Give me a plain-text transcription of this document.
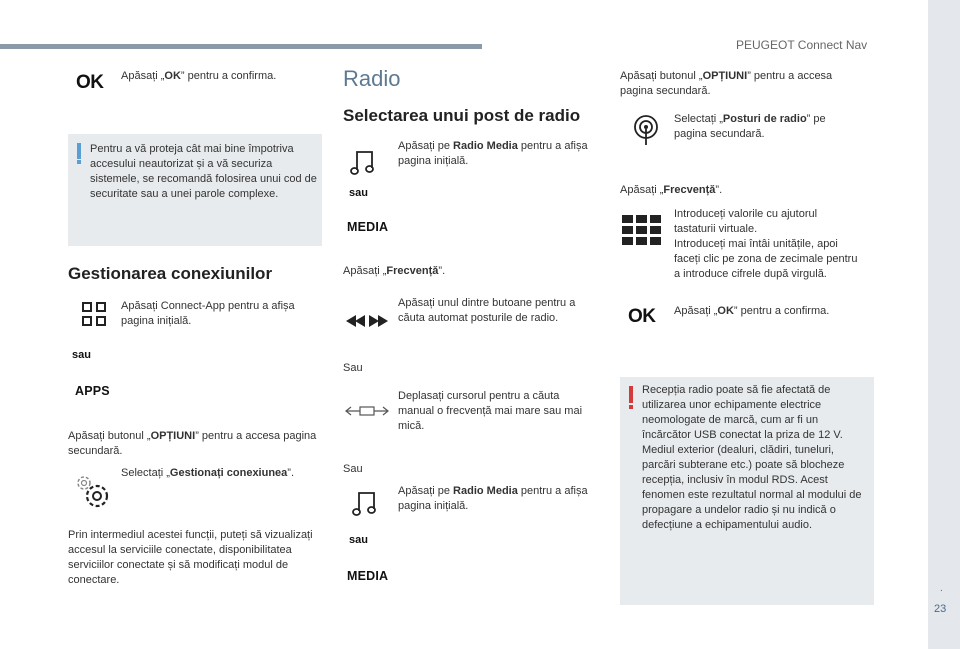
PEUGEOT Connect Nav
.
23
OK Apăsați „OK” pentru a confirma.
Pentru a vă proteja cât mai bine împotriva accesului neautorizat și a vă securiza sistemele, se recomandă folosirea unui cod de securitate sau a unei parole complexe.
Gestionarea conexiunilor
Apăsați Connect-App pentru a afișa pagina inițială.
sau
APPS
Apăsați butonul „OPȚIUNI” pentru a accesa pagina secundară.
Selectați „Gestionați conexiunea”.
Prin intermediul acestei funcții, puteți să vizualizați accesul la serviciile conectate, disponibilitatea serviciilor conectate și să modificați modul de conectare.
Radio
Selectarea unui post de radio
Apăsați pe Radio Media pentru a afișa pagina inițială.
sau
MEDIA
Apăsați „Frecvență”.
Apăsați unul dintre butoane pentru a căuta automat posturile de radio.
Sau
Deplasați cursorul pentru a căuta manual o frecvență mai mare sau mai mică.
Sau
Apăsați pe Radio Media pentru a afișa pagina inițială.
sau
MEDIA
Apăsați butonul „OPȚIUNI” pentru a accesa pagina secundară.
Selectați „Posturi de radio” pe pagina secundară.
Apăsați „Frecvență”.
Introduceți valorile cu ajutorul tastaturii virtuale.
Introduceți mai întâi unitățile, apoi faceți clic pe zona de zecimale pentru a introduce cifrele după virgulă.
OK Apăsați „OK” pentru a confirma.
Recepția radio poate să fie afectată de utilizarea unor echipamente electrice neomologate de marcă, cum ar fi un încărcător USB conectat la priza de 12 V. Mediul exterior (dealuri, clădiri, tuneluri, parcări subterane etc.) poate să blocheze recepția, inclusiv în modul RDS. Acest fenomen este rezultatul normal al modului de propagare a undelor radio și nu indică o defecțiune a echipamentului audio.
